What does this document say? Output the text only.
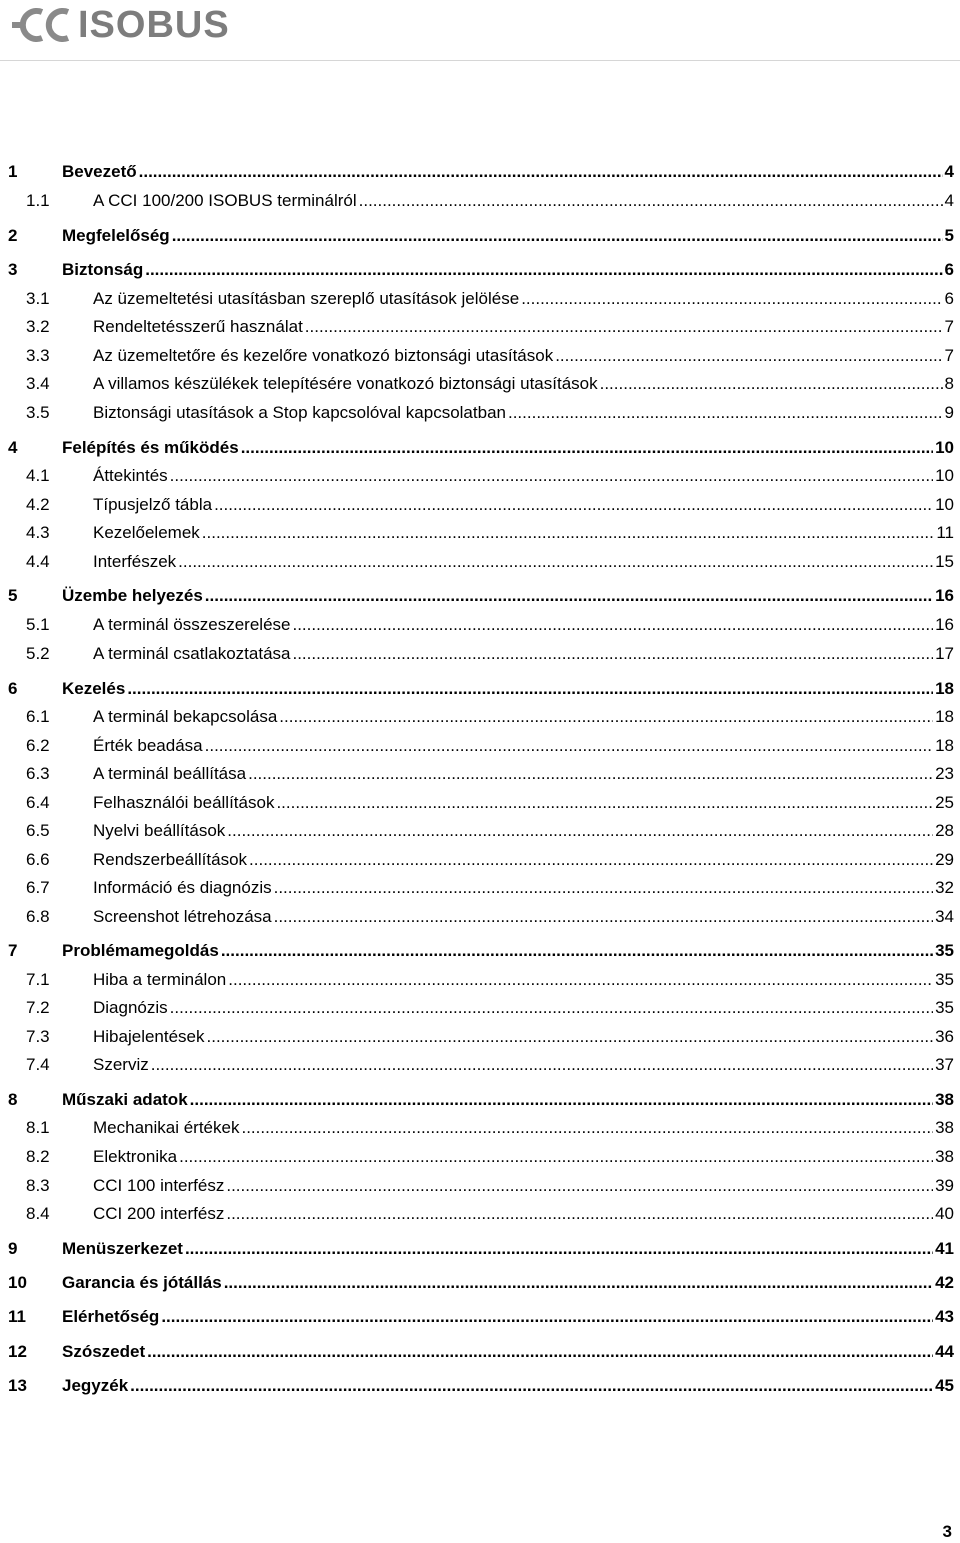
ISOBUS
1	Bevezető .....	4
1.1	A CCI 100/200 ISOBUS terminálról .....	4
2	Megfelelőség .....	5
3	Biztonság .....	6
3.1	Az üzemeltetési utasításban szereplő utasítások jelölése .....	6
3.2	Rendeltetésszerű használat .....	7
3.3	Az üzemeltetőre és kezelőre vonatkozó biztonsági utasítások .....	7
3.4	A villamos készülékek telepítésére vonatkozó biztonsági utasítások .....	8
3.5	Biztonsági utasítások a Stop kapcsolóval kapcsolatban .....	9
4	Felépítés és működés .....	10
4.1	Áttekintés .....	10
4.2	Típusjelző tábla .....	10
4.3	Kezelőelemek .....	11
4.4	Interfészek .....	15
5	Üzembe helyezés .....	16
5.1	A terminál összeszerelése .....	16
5.2	A terminál csatlakoztatása .....	17
6	Kezelés .....	18
6.1	A terminál bekapcsolása .....	18
6.2	Érték beadása .....	18
6.3	A terminál beállítása .....	23
6.4	Felhasználói beállítások .....	25
6.5	Nyelvi beállítások .....	28
6.6	Rendszerbeállítások .....	29
6.7	Információ és diagnózis .....	32
6.8	Screenshot létrehozása .....	34
7	Problémamegoldás .....	35
7.1	Hiba a terminálon .....	35
7.2	Diagnózis .....	35
7.3	Hibajelentések .....	36
7.4	Szerviz .....	37
8	Műszaki adatok .....	38
8.1	Mechanikai értékek .....	38
8.2	Elektronika .....	38
8.3	CCI 100 interfész .....	39
8.4	CCI 200 interfész .....	40
9	Menüszerkezet .....	41
10 Garancia és jótállás .....	42
11 Elérhetőség .....	43
12 Szószedet .....	44
13 Jegyzék .....	45
3
